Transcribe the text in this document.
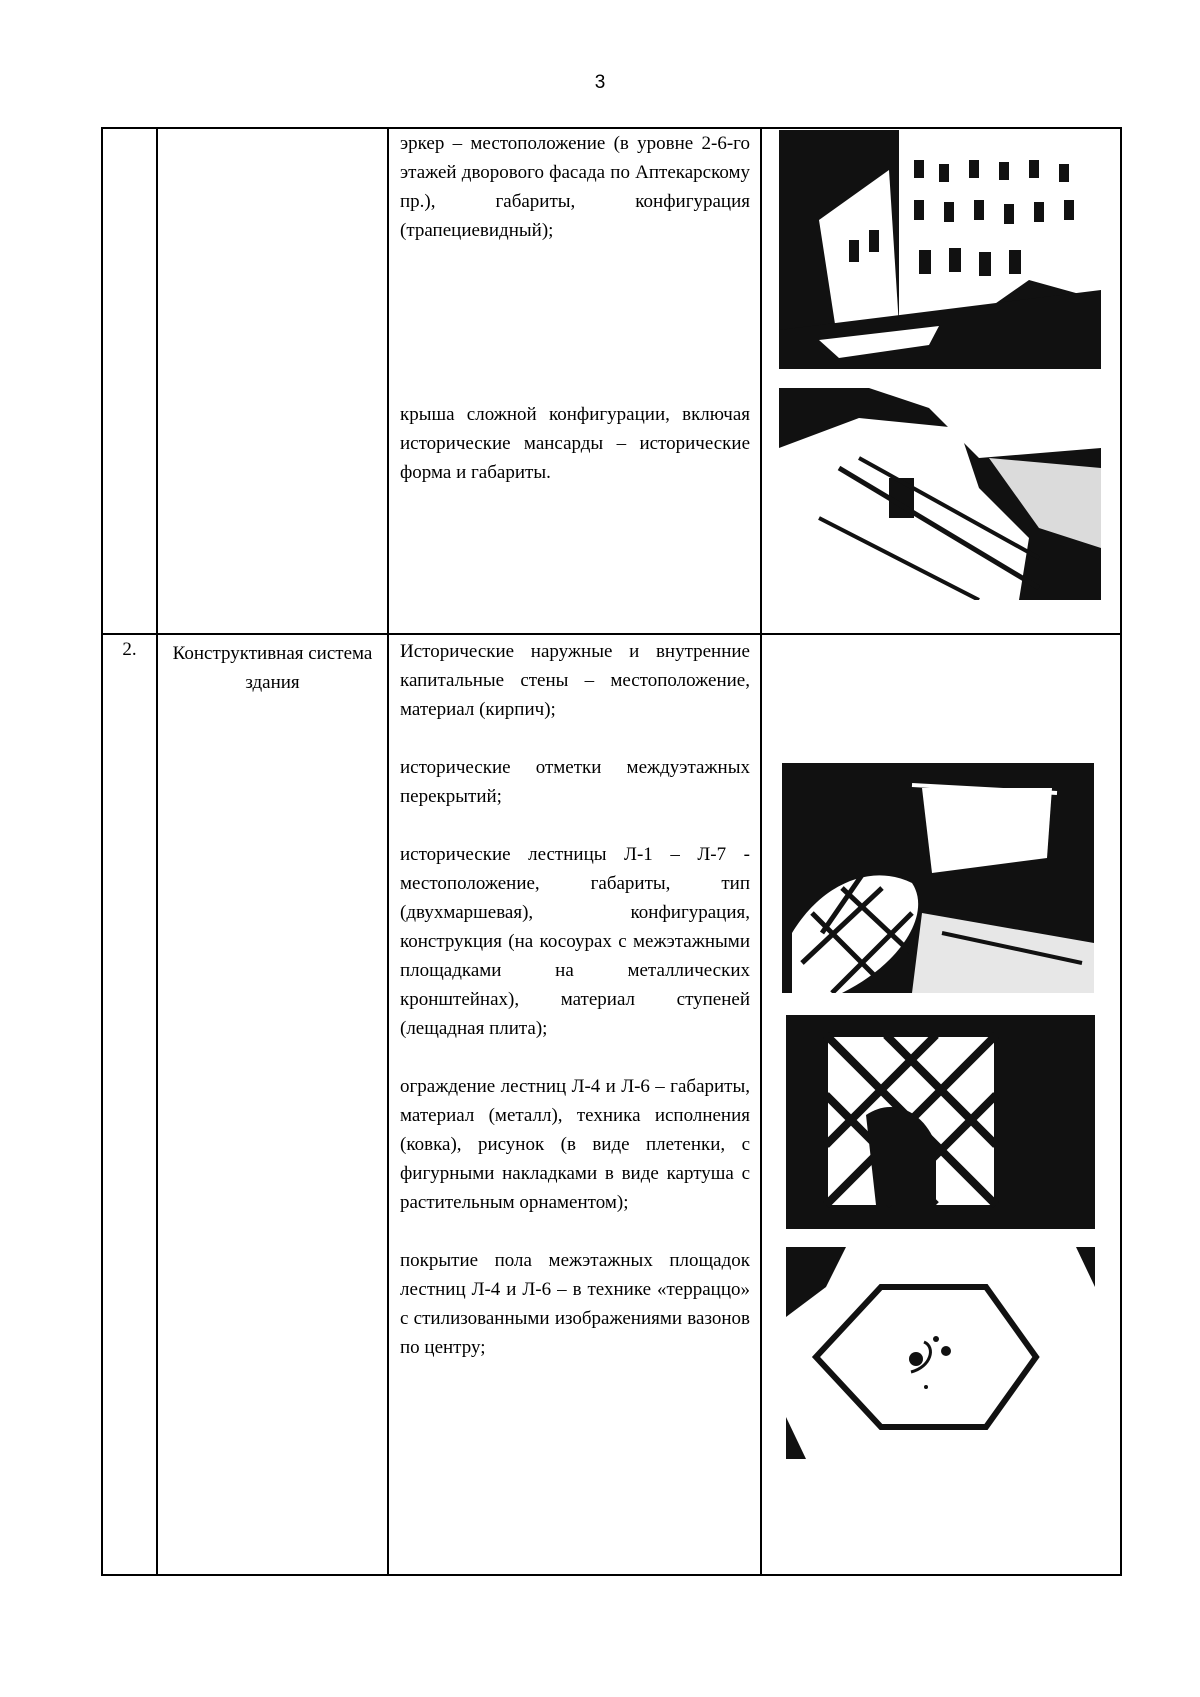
3

		эркер – местоположение (в уровне 2-6-го этажей дворового фасада по Аптекарскому пр.), габариты, конфигурация (трапециевидный);

крыша сложной конфигурации, включая исторические мансарды – исторические форма и габариты.

2.	Конструктивная система здания	Исторические наружные и внутренние капитальные стены – местоположение, материал (кирпич);

исторические отметки междуэтажных перекрытий;

исторические лестницы Л-1 – Л-7 - местоположение, габариты, тип (двухмаршевая), конфигурация, конструкция (на косоурах с межэтажными площадками на металлических кронштейнах), материал ступеней (лещадная плита);

ограждение лестниц Л-4 и Л-6 – габариты, материал (металл), техника исполнения (ковка), рисунок (в виде плетенки, с фигурными накладками в виде картуша с растительным орнаментом);

покрытие пола межэтажных площадок лестниц Л-4 и Л-6 – в технике «терраццо» с стилизованными изображениями вазонов по центру;
